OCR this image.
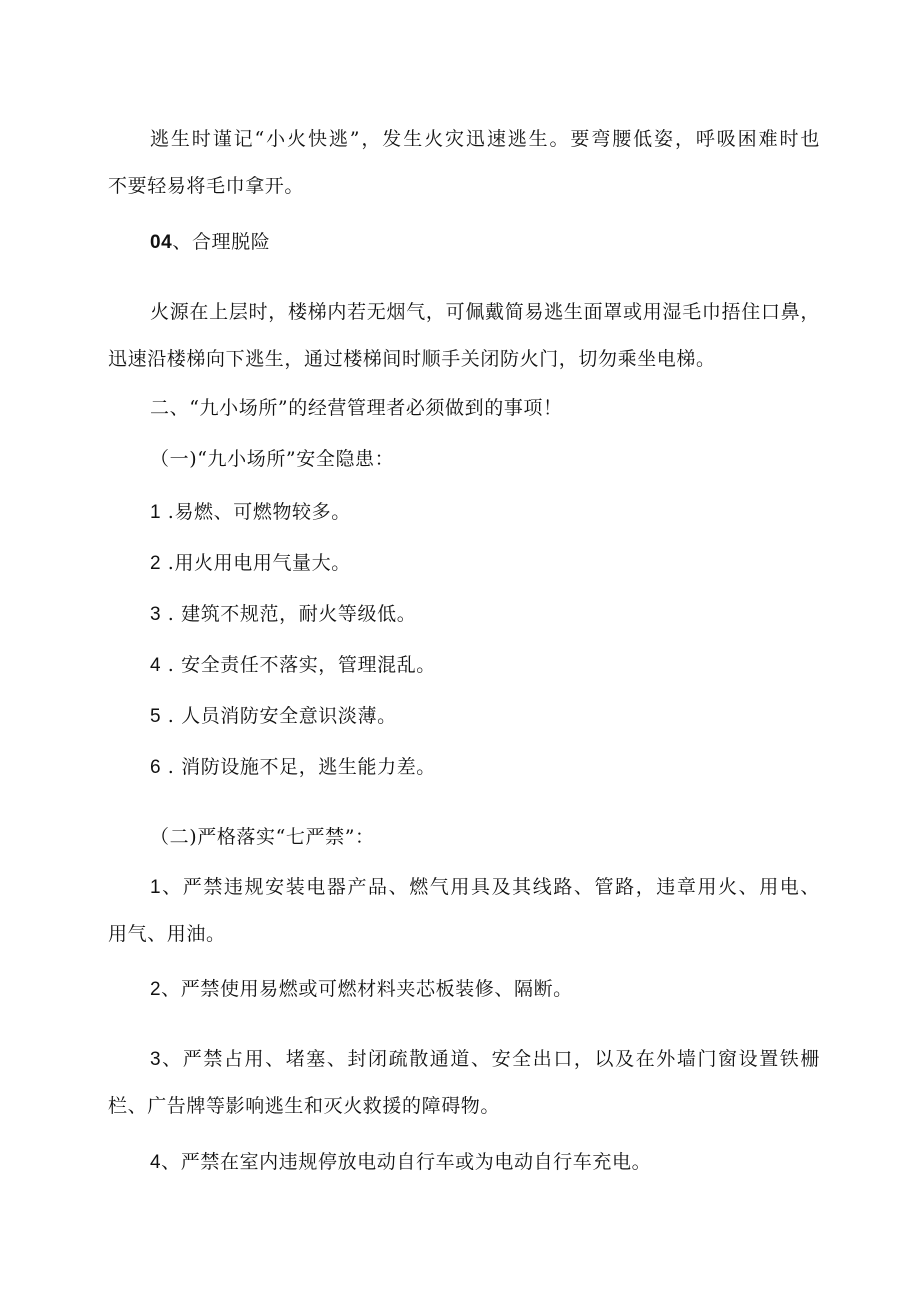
逃生时谨记“小火快逃”，发生火灾迅速逃生。要弯腰低姿，呼吸困难时也
不要轻易将毛巾拿开。
04、合理脱险
火源在上层时，楼梯内若无烟气，可佩戴简易逃生面罩或用湿毛巾捂住口鼻，
迅速沿楼梯向下逃生，通过楼梯间时顺手关闭防火门，切勿乘坐电梯。
二、“九小场所”的经营管理者必须做到的事项！
（一)“九小场所”安全隐患：
1 .易燃、可燃物较多。
2 .用火用电用气量大。
3 . 建筑不规范，耐火等级低。
4 . 安全责任不落实，管理混乱。
5 . 人员消防安全意识淡薄。
6 . 消防设施不足，逃生能力差。
（二)严格落实“七严禁”：
1、严禁违规安装电器产品、燃气用具及其线路、管路，违章用火、用电、
用气、用油。
2、严禁使用易燃或可燃材料夹芯板装修、隔断。
3、严禁占用、堵塞、封闭疏散通道、安全出口，以及在外墙门窗设置铁栅
栏、广告牌等影响逃生和灭火救援的障碍物。
4、严禁在室内违规停放电动自行车或为电动自行车充电。
